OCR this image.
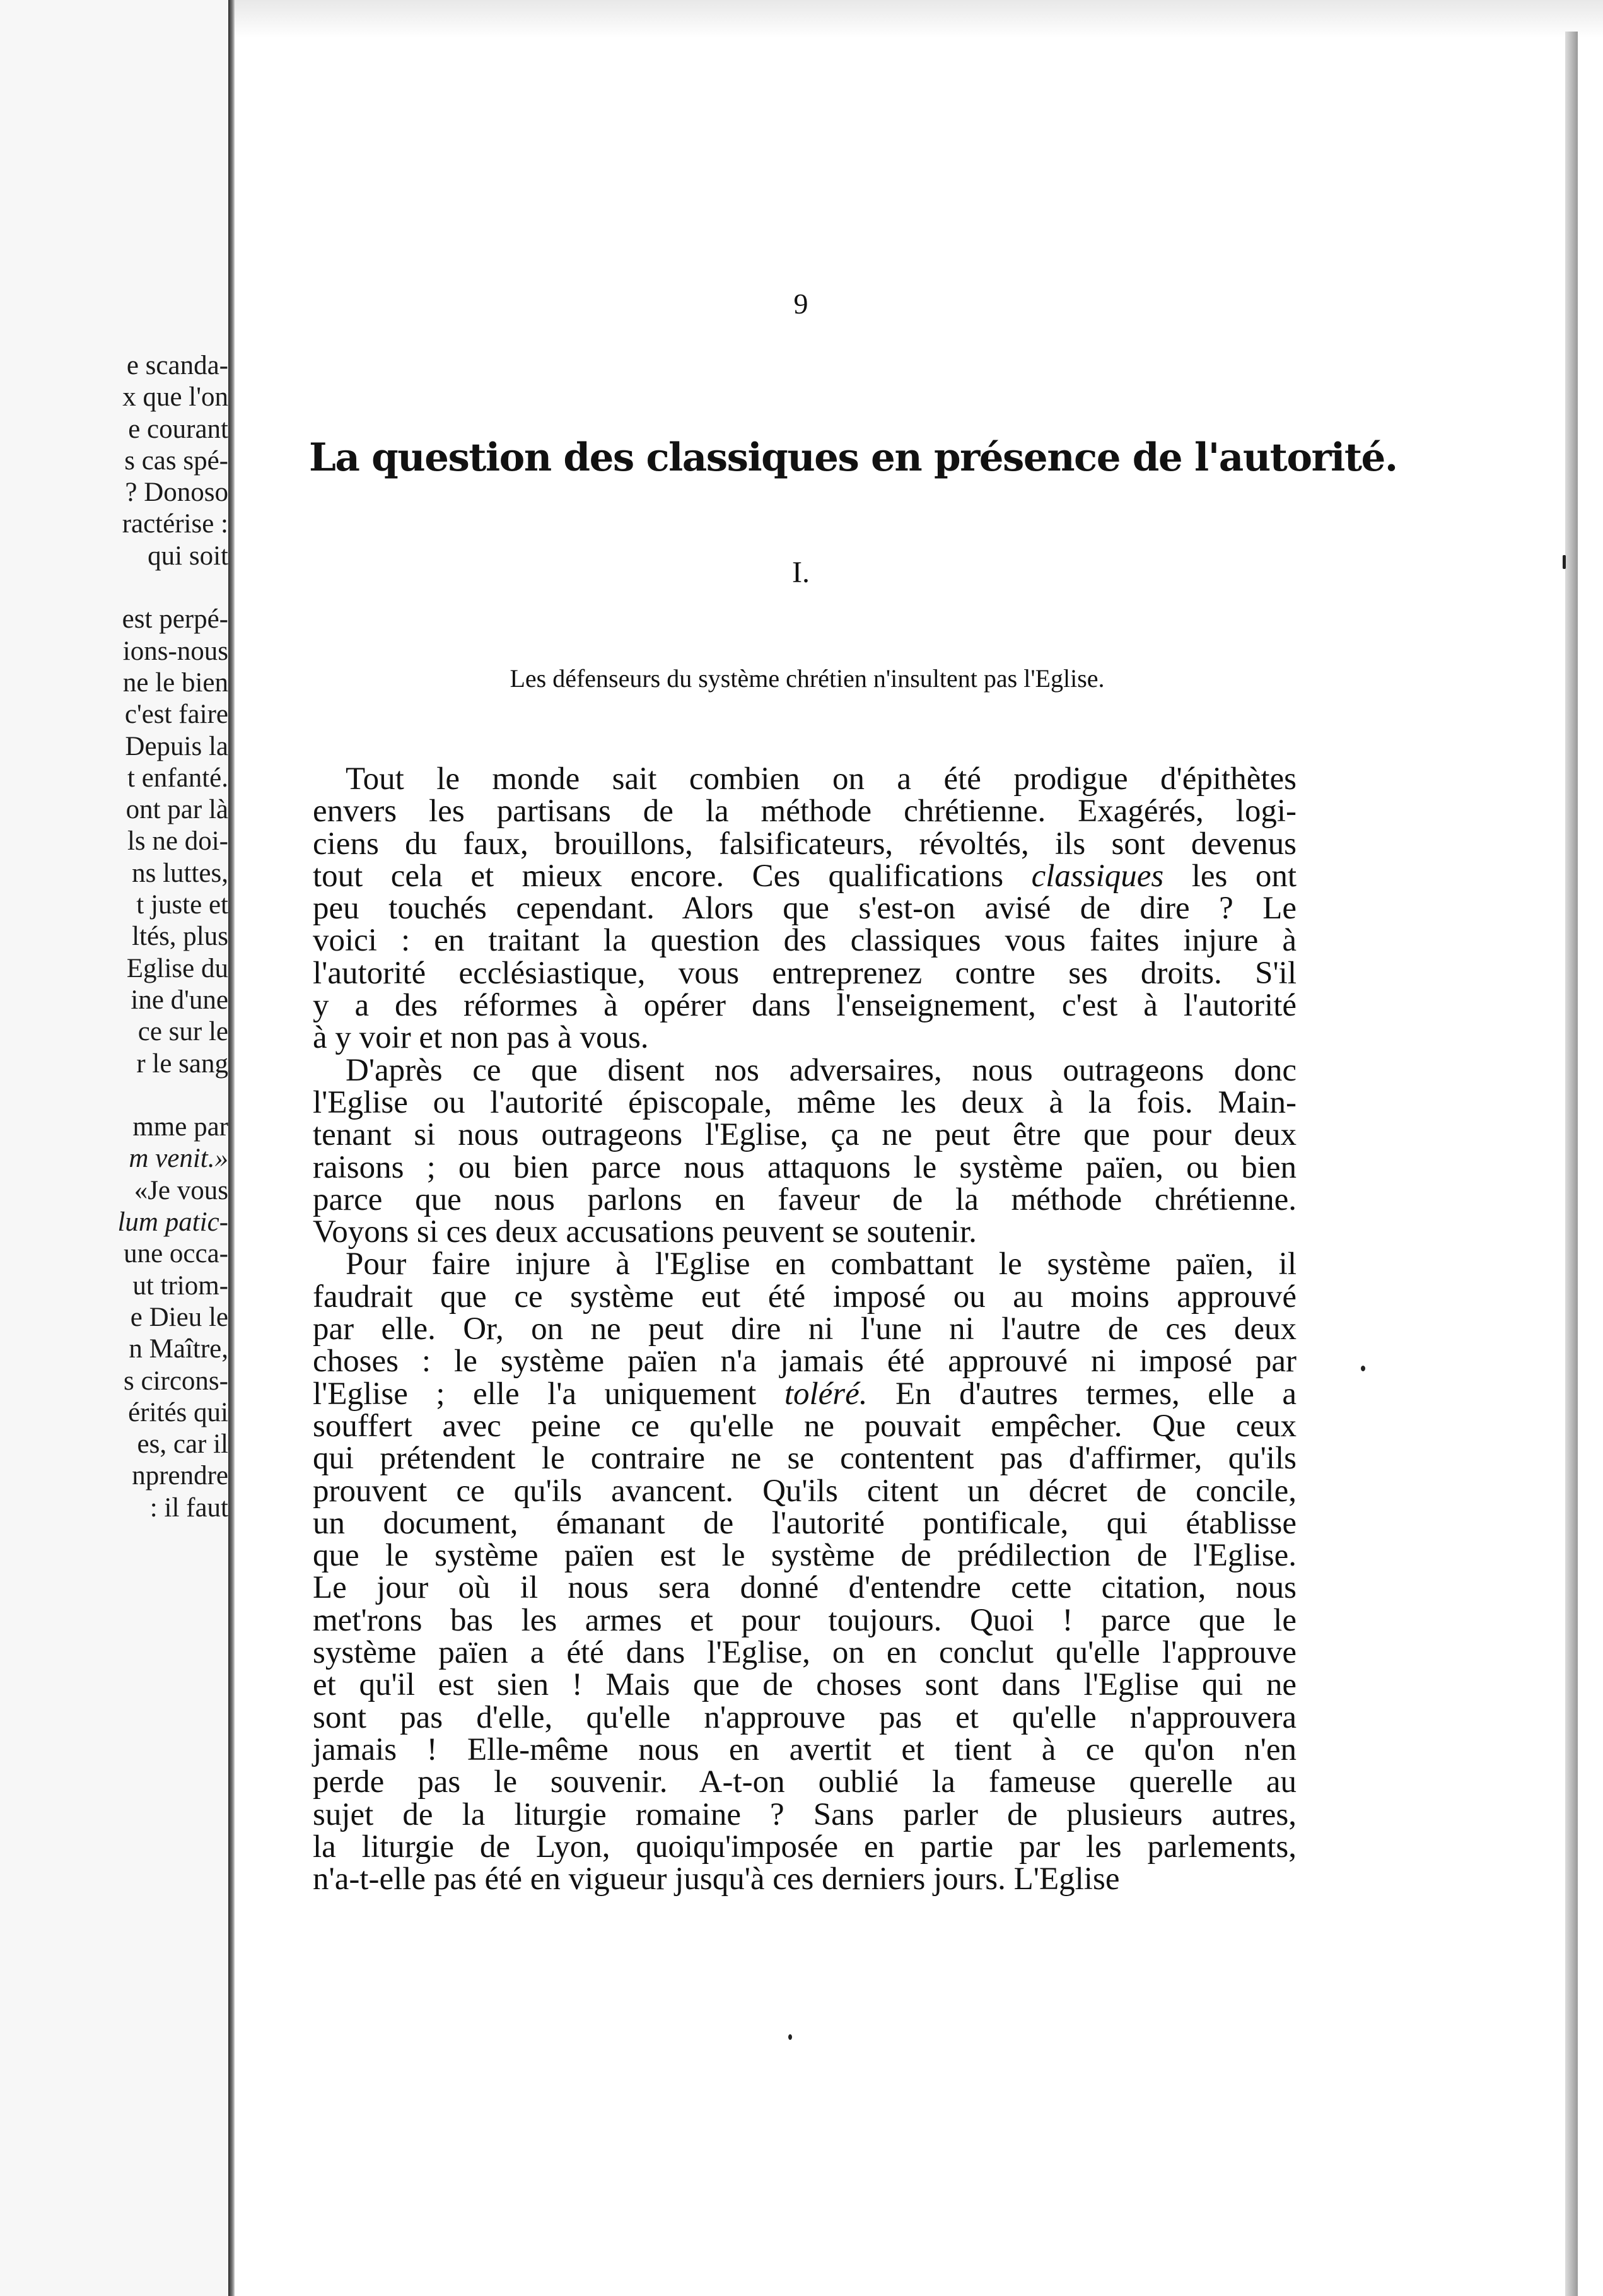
e scanda-
x que l'on
e courant
s cas spé-
? Donoso
ractérise :
qui soit

est perpé-
ions-nous
ne le bien
c'est faire
Depuis la
t enfanté.
ont par là
ls ne doi-
ns luttes,
t juste et
ltés, plus
Eglise du
ine d'une
ce sur le
r le sang

mme par
m venit.»
«Je vous
lum patic-
une occa-
ut triom-
e Dieu le
n Maître,
s circons-
érités qui
es, car il
nprendre
: il faut
9
La question des classiques en présence de l'autorité.
I.
Les défenseurs du système chrétien n'insultent pas l'Eglise.

Tout le monde sait combien on a été prodigue d'épithètes
envers les partisans de la méthode chrétienne. Exagérés, logi-
ciens du faux, brouillons, falsificateurs, révoltés, ils sont devenus
tout cela et mieux encore. Ces qualifications classiques les ont
peu touchés cependant. Alors que s'est-on avisé de dire ? Le
voici : en traitant la question des classiques vous faites injure à
l'autorité ecclésiastique, vous entreprenez contre ses droits. S'il
y a des réformes à opérer dans l'enseignement, c'est à l'autorité
à y voir et non pas à vous.

D'après ce que disent nos adversaires, nous outrageons donc
l'Eglise ou l'autorité épiscopale, même les deux à la fois. Main-
tenant si nous outrageons l'Eglise, ça ne peut être que pour deux
raisons ; ou bien parce nous attaquons le système païen, ou bien
parce que nous parlons en faveur de la méthode chrétienne.
Voyons si ces deux accusations peuvent se soutenir.

Pour faire injure à l'Eglise en combattant le système païen, il
faudrait que ce système eut été imposé ou au moins approuvé
par elle. Or, on ne peut dire ni l'une ni l'autre de ces deux
choses : le système païen n'a jamais été approuvé ni imposé par
l'Eglise ; elle l'a uniquement toléré. En d'autres termes, elle a
souffert avec peine ce qu'elle ne pouvait empêcher. Que ceux
qui prétendent le contraire ne se contentent pas d'affirmer, qu'ils
prouvent ce qu'ils avancent. Qu'ils citent un décret de concile,
un document, émanant de l'autorité pontificale, qui établisse
que le système païen est le système de prédilection de l'Eglise.
Le jour où il nous sera donné d'entendre cette citation, nous
met'rons bas les armes et pour toujours. Quoi ! parce que le
système païen a été dans l'Eglise, on en conclut qu'elle l'approuve
et qu'il est sien ! Mais que de choses sont dans l'Eglise qui ne
sont pas d'elle, qu'elle n'approuve pas et qu'elle n'approuvera
jamais ! Elle-même nous en avertit et tient à ce qu'on n'en
perde pas le souvenir. A-t-on oublié la fameuse querelle au
sujet de la liturgie romaine ? Sans parler de plusieurs autres,
la liturgie de Lyon, quoiqu'imposée en partie par les parlements,
n'a-t-elle pas été en vigueur jusqu'à ces derniers jours. L'Eglise
